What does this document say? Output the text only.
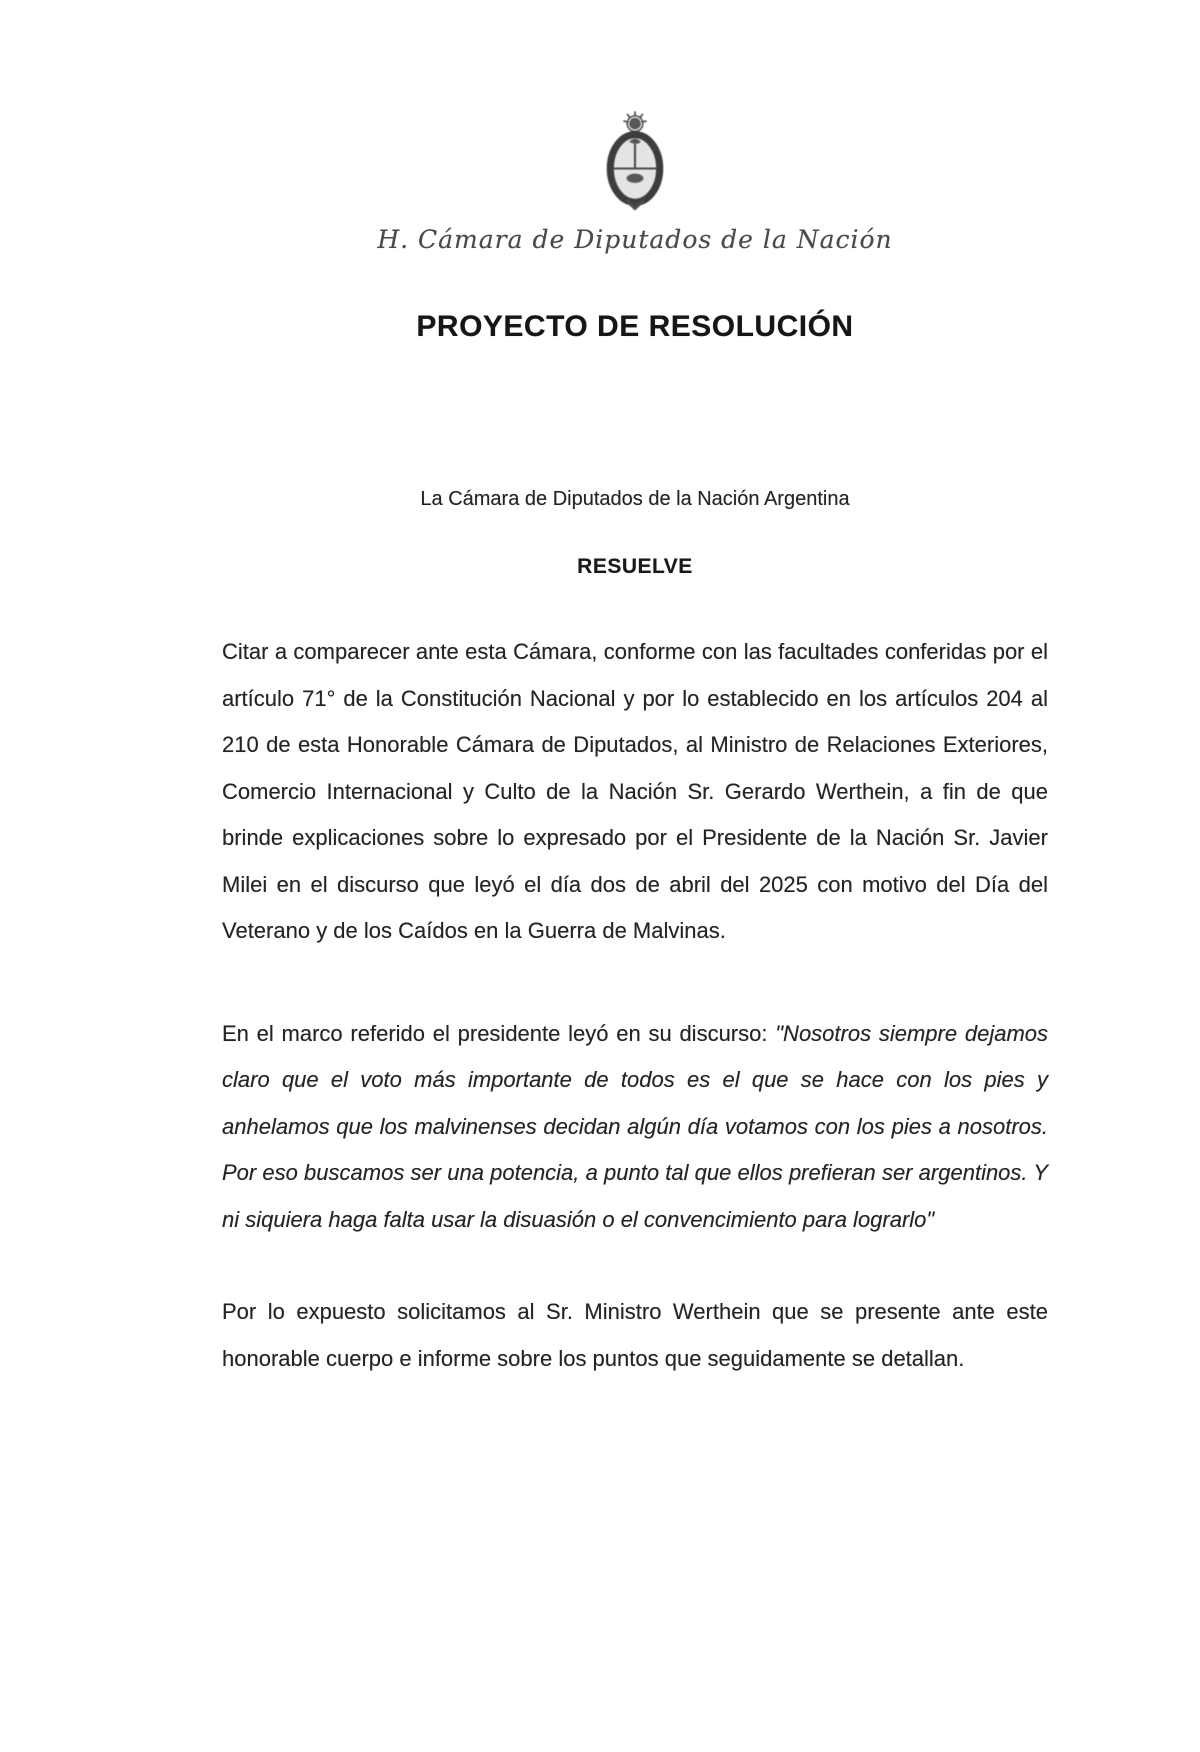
H. Cámara de Diputados de la Nación
PROYECTO DE RESOLUCIÓN
La Cámara de Diputados de la Nación Argentina
RESUELVE

Citar a comparecer ante esta Cámara, conforme con las facultades conferidas por el artículo 71° de la Constitución Nacional y por lo establecido en los artículos 204 al 210 de esta Honorable Cámara de Diputados, al Ministro de Relaciones Exteriores, Comercio Internacional y Culto de la Nación Sr. Gerardo Werthein, a fin de que brinde explicaciones sobre lo expresado por el Presidente de la Nación Sr. Javier Milei en el discurso que leyó el día dos de abril del 2025 con motivo del Día del Veterano y de los Caídos en la Guerra de Malvinas.

En el marco referido el presidente leyó en su discurso: "Nosotros siempre dejamos claro que el voto más importante de todos es el que se hace con los pies y anhelamos que los malvinenses decidan algún día votamos con los pies a nosotros. Por eso buscamos ser una potencia, a punto tal que ellos prefieran ser argentinos. Y ni siquiera haga falta usar la disuasión o el convencimiento para lograrlo"

Por lo expuesto solicitamos al Sr. Ministro Werthein que se presente ante este honorable cuerpo e informe sobre los puntos que seguidamente se detallan.
